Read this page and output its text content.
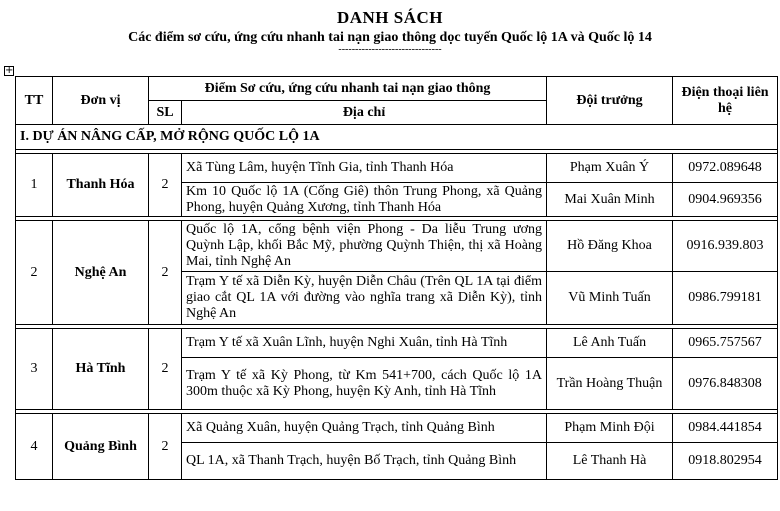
DANH SÁCH
Các điểm sơ cứu, ứng cứu nhanh tai nạn giao thông dọc tuyến Quốc lộ 1A và Quốc lộ 14
-------------------------------
+
TT	Đơn vị	Điểm Sơ cứu, ứng cứu nhanh tai nạn giao thông		Đội trưởng	Điện thoại liên hệ
		SL	Địa chỉ		
I. DỰ ÁN NÂNG CẤP, MỞ RỘNG QUỐC LỘ 1A					

1	Thanh Hóa	2	Xã Tùng Lâm, huyện Tĩnh Gia, tỉnh Thanh Hóa	Phạm Xuân Ý	0972.089648
			Km 10 Quốc lộ 1A (Cống Giê) thôn Trung Phong, xã Quảng Phong, huyện Quảng Xương, tỉnh Thanh Hóa	Mai Xuân Minh	0904.969356

2	Nghệ An	2	Quốc lộ 1A, cổng bệnh viện Phong - Da liễu Trung ương Quỳnh Lập, khối Bắc Mỹ, phường Quỳnh Thiện, thị xã Hoàng Mai, tỉnh Nghệ An	Hồ Đăng Khoa	0916.939.803
			Trạm Y tế xã Diễn Kỳ, huyện Diễn Châu (Trên QL 1A tại điểm giao cắt QL 1A với đường vào nghĩa trang xã Diễn Kỳ), tỉnh Nghệ An	Vũ Minh Tuấn	0986.799181

3	Hà Tĩnh	2	Trạm Y tế xã Xuân Lĩnh, huyện Nghi Xuân, tỉnh Hà Tĩnh	Lê Anh Tuấn	0965.757567
			Trạm Y tế xã Kỳ Phong, từ Km 541+700, cách Quốc lộ 1A 300m thuộc xã Kỳ Phong, huyện Kỳ Anh, tỉnh Hà Tĩnh	Trần Hoàng Thuận	0976.848308

4	Quảng Bình	2	Xã Quảng Xuân, huyện Quảng Trạch, tỉnh Quảng Bình	Phạm Minh Đội	0984.441854
			QL 1A, xã Thanh Trạch, huyện Bố Trạch, tỉnh Quảng Bình	Lê Thanh Hà	0918.802954
